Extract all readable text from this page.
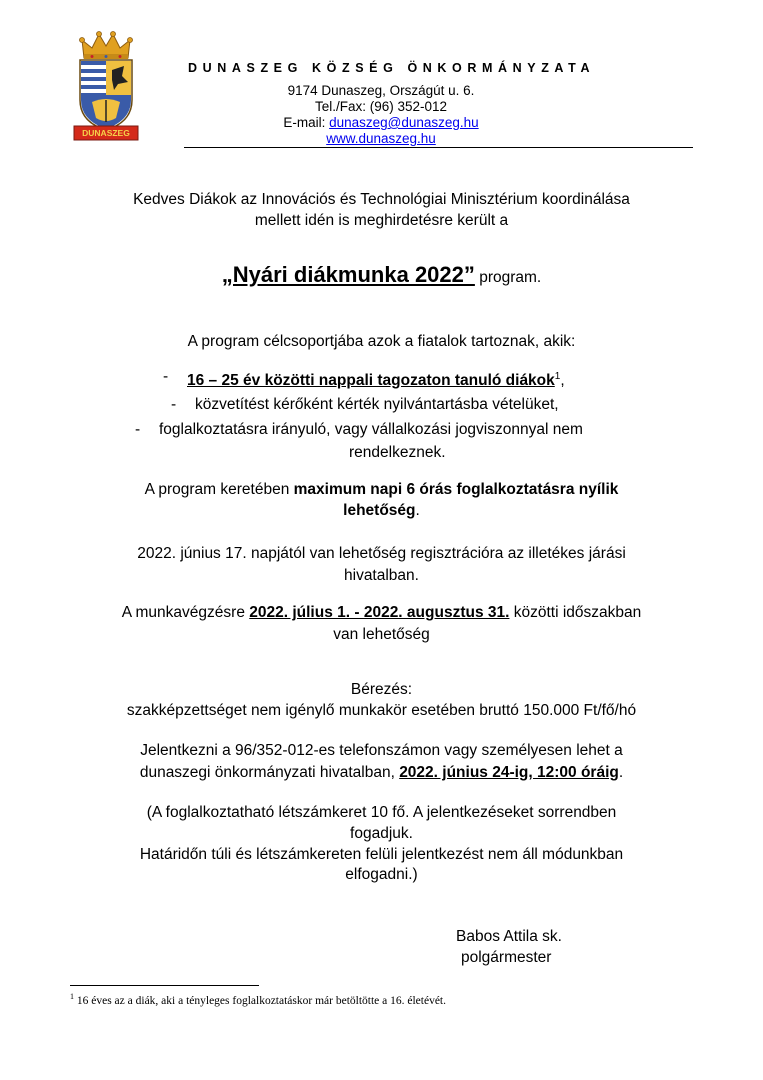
DUNASZEG
DUNASZEG KÖZSÉG ÖNKORMÁNYZATA
9174 Dunaszeg, Országút u. 6.
Tel./Fax: (96) 352-012
E-mail: dunaszeg@dunaszeg.hu
www.dunaszeg.hu
Kedves Diákok az Innovációs és Technológiai Minisztérium koordinálása
mellett idén is meghirdetésre került a
„Nyári diákmunka 2022” program.
A program célcsoportjába azok a fiatalok tartoznak, akik:
- 16 – 25 év közötti nappali tagozaton tanuló diákok$^1$,
- közvetítést kérőként kérték nyilvántartásba vételüket,
- foglalkoztatásra irányuló, vagy vállalkozási jogviszonnyal nem
rendelkeznek.
A program keretében maximum napi 6 órás foglalkoztatásra nyílik
lehetőség.
2022. június 17. napjától van lehetőség regisztrációra az illetékes járási
hivatalban.
A munkavégzésre 2022. július 1. - 2022. augusztus 31. közötti időszakban
van lehetőség
Bérezés:
szakképzettséget nem igénylő munkakör esetében bruttó 150.000 Ft/fő/hó
Jelentkezni a 96/352-012-es telefonszámon vagy személyesen lehet a
dunaszegi önkormányzati hivatalban, 2022. június 24-ig, 12:00 óráig.
(A foglalkoztatható létszámkeret 10 fő. A jelentkezéseket sorrendben
fogadjuk.
Határidőn túli és létszámkereten felüli jelentkezést nem áll módunkban
elfogadni.)
Babos Attila sk.
polgármester
$^1$ 16 éves az a diák, aki a tényleges foglalkoztatáskor már betöltötte a 16. életévét.
